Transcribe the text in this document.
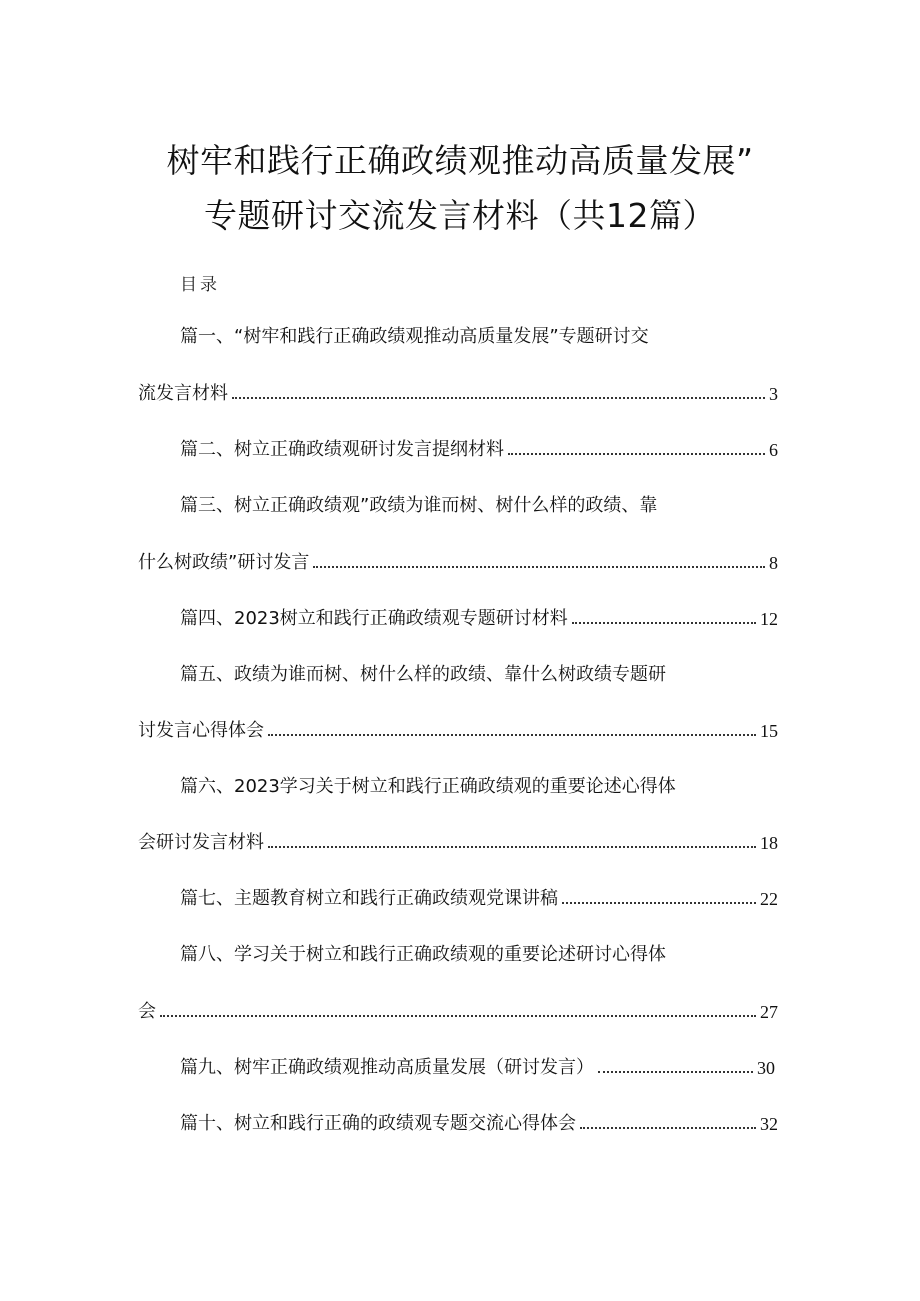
树牢和践行正确政绩观推动高质量发展”
专题研讨交流发言材料（共12篇）
目录
篇一、“树牢和践行正确政绩观推动高质量发展”专题研讨交
流发言材料	3
篇二、树立正确政绩观研讨发言提纲材料	6
篇三、树立正确政绩观”政绩为谁而树、树什么样的政绩、靠
什么树政绩”研讨发言	8
篇四、2023树立和践行正确政绩观专题研讨材料	12
篇五、政绩为谁而树、树什么样的政绩、靠什么树政绩专题研
讨发言心得体会	15
篇六、2023学习关于树立和践行正确政绩观的重要论述心得体
会研讨发言材料	18
篇七、主题教育树立和践行正确政绩观党课讲稿	22
篇八、学习关于树立和践行正确政绩观的重要论述研讨心得体
会	27
篇九、树牢正确政绩观推动高质量发展（研讨发言）	30
篇十、树立和践行正确的政绩观专题交流心得体会	32
